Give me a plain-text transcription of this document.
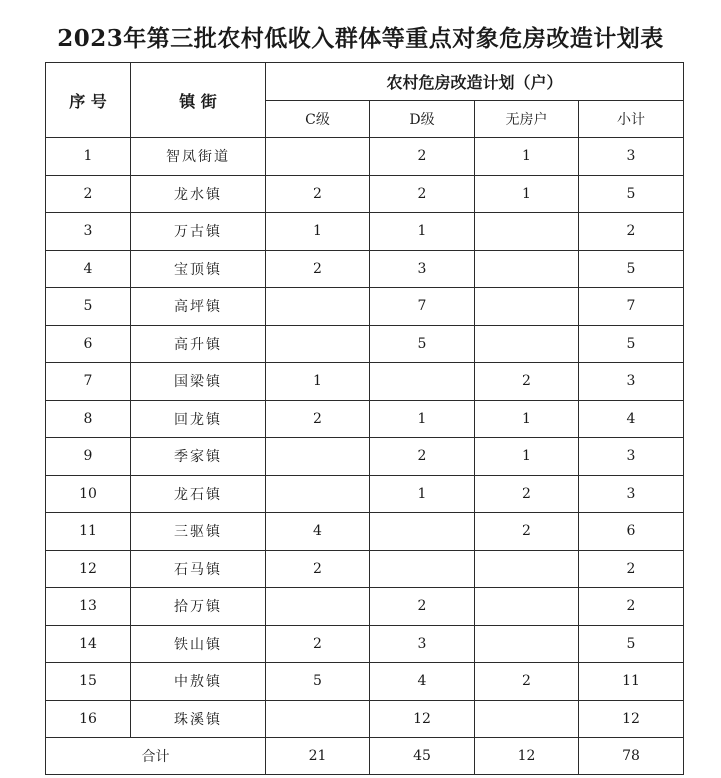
2023年第三批农村低收入群体等重点对象危房改造计划表
序 号	镇 街	农村危房改造计划（户）			
		C级	D级	无房户	小计
1	智凤街道		2	1	3
2	龙水镇	2	2	1	5
3	万古镇	1	1		2
4	宝顶镇	2	3		5
5	高坪镇		7		7
6	高升镇		5		5
7	国梁镇	1		2	3
8	回龙镇	2	1	1	4
9	季家镇		2	1	3
10	龙石镇		1	2	3
11	三驱镇	4		2	6
12	石马镇	2			2
13	拾万镇		2		2
14	铁山镇	2	3		5
15	中敖镇	5	4	2	11
16	珠溪镇		12		12
合计		21	45	12	78
